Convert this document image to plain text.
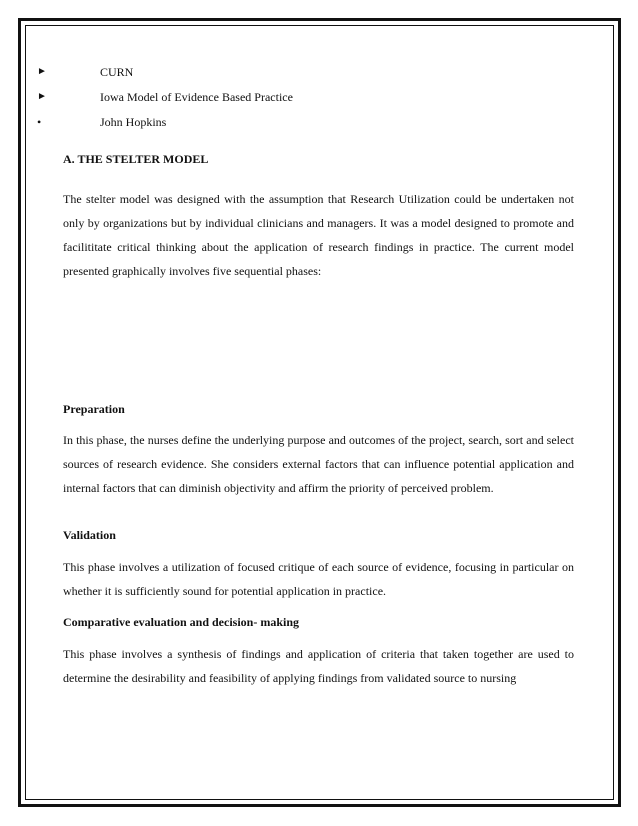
►	CURN
►	Iowa Model of Evidence Based Practice
•	John Hopkins

A. THE STELTER MODEL

The stelter model was designed with the assumption that Research Utilization could be undertaken not only by organizations but by individual clinicians and managers. It was a model designed to promote and facilititate critical thinking about the application of research findings in practice. The current model presented graphically involves five sequential phases:

Preparation

In this phase, the nurses define the underlying purpose and outcomes of the project, search, sort and select sources of research evidence. She considers external factors that can influence potential application and internal factors that can diminish objectivity and affirm the priority of perceived problem.

Validation

This phase involves a utilization of focused critique of each source of evidence, focusing in particular on whether it is sufficiently sound for potential application in practice.

Comparative evaluation and decision- making

This phase involves a synthesis of findings and application of criteria that taken together are used to determine the desirability and feasibility of applying findings from validated source to nursing
